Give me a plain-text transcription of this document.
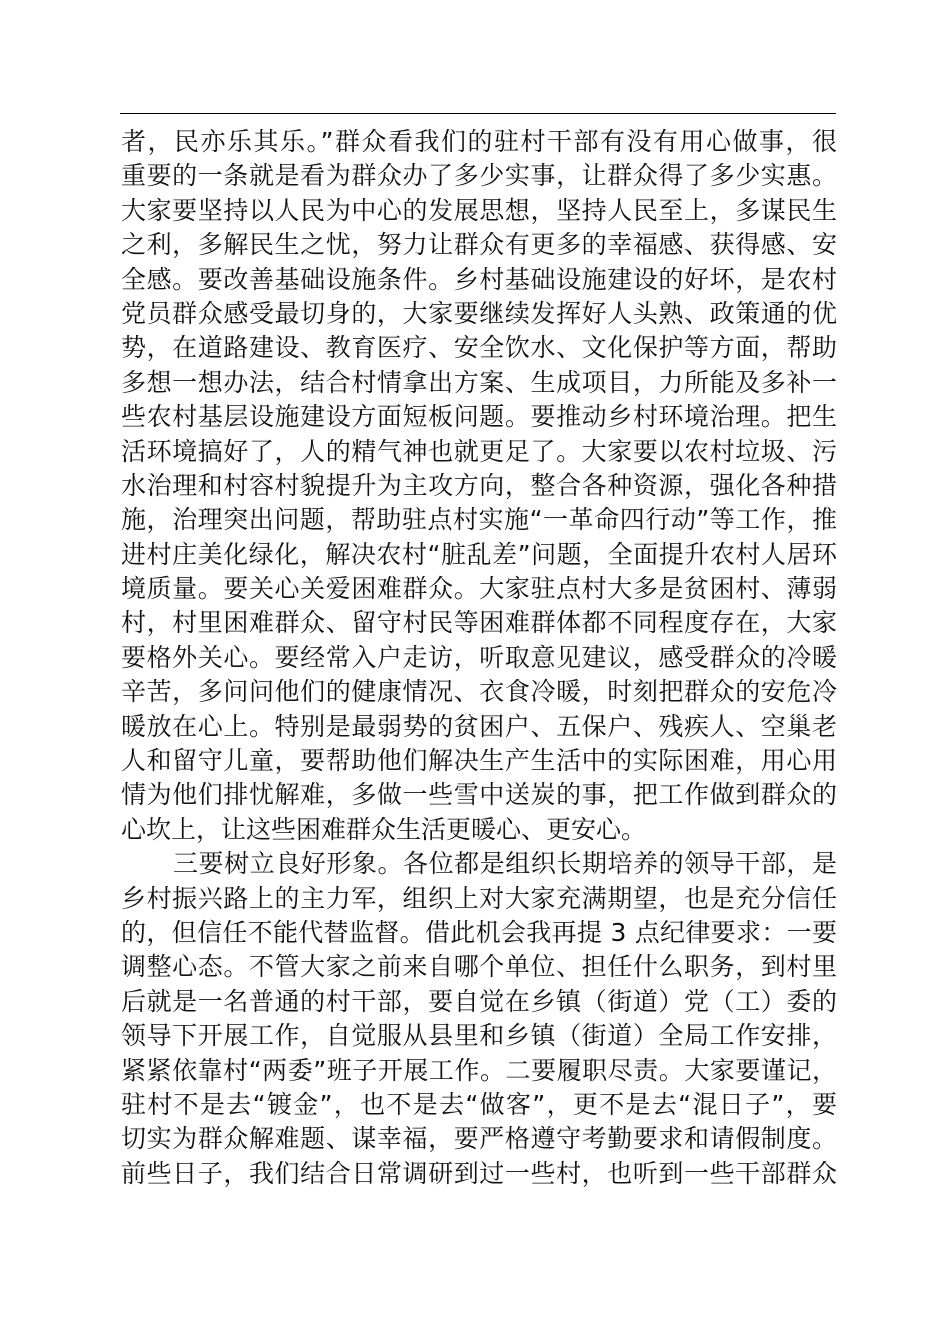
者，民亦乐其乐。”群众看我们的驻村干部有没有用心做事，很
重要的一条就是看为群众办了多少实事，让群众得了多少实惠。
大家要坚持以人民为中心的发展思想，坚持人民至上，多谋民生
之利，多解民生之忧，努力让群众有更多的幸福感、获得感、安
全感。要改善基础设施条件。乡村基础设施建设的好坏，是农村
党员群众感受最切身的，大家要继续发挥好人头熟、政策通的优
势，在道路建设、教育医疗、安全饮水、文化保护等方面，帮助
多想一想办法，结合村情拿出方案、生成项目，力所能及多补一
些农村基层设施建设方面短板问题。要推动乡村环境治理。把生
活环境搞好了，人的精气神也就更足了。大家要以农村垃圾、污
水治理和村容村貌提升为主攻方向，整合各种资源，强化各种措
施，治理突出问题，帮助驻点村实施“一革命四行动”等工作，推
进村庄美化绿化，解决农村“脏乱差”问题，全面提升农村人居环
境质量。要关心关爱困难群众。大家驻点村大多是贫困村、薄弱
村，村里困难群众、留守村民等困难群体都不同程度存在，大家
要格外关心。要经常入户走访，听取意见建议，感受群众的冷暖
辛苦，多问问他们的健康情况、衣食冷暖，时刻把群众的安危冷
暖放在心上。特别是最弱势的贫困户、五保户、残疾人、空巢老
人和留守儿童，要帮助他们解决生产生活中的实际困难，用心用
情为他们排忧解难，多做一些雪中送炭的事，把工作做到群众的
心坎上，让这些困难群众生活更暖心、更安心。
三要树立良好形象。各位都是组织长期培养的领导干部，是
乡村振兴路上的主力军，组织上对大家充满期望，也是充分信任
的，但信任不能代替监督。借此机会我再提 3 点纪律要求：一要
调整心态。不管大家之前来自哪个单位、担任什么职务，到村里
后就是一名普通的村干部，要自觉在乡镇（街道）党（工）委的
领导下开展工作，自觉服从县里和乡镇（街道）全局工作安排，
紧紧依靠村“两委”班子开展工作。二要履职尽责。大家要谨记，
驻村不是去“镀金”，也不是去“做客”，更不是去“混日子”，要
切实为群众解难题、谋幸福，要严格遵守考勤要求和请假制度。
前些日子，我们结合日常调研到过一些村，也听到一些干部群众
